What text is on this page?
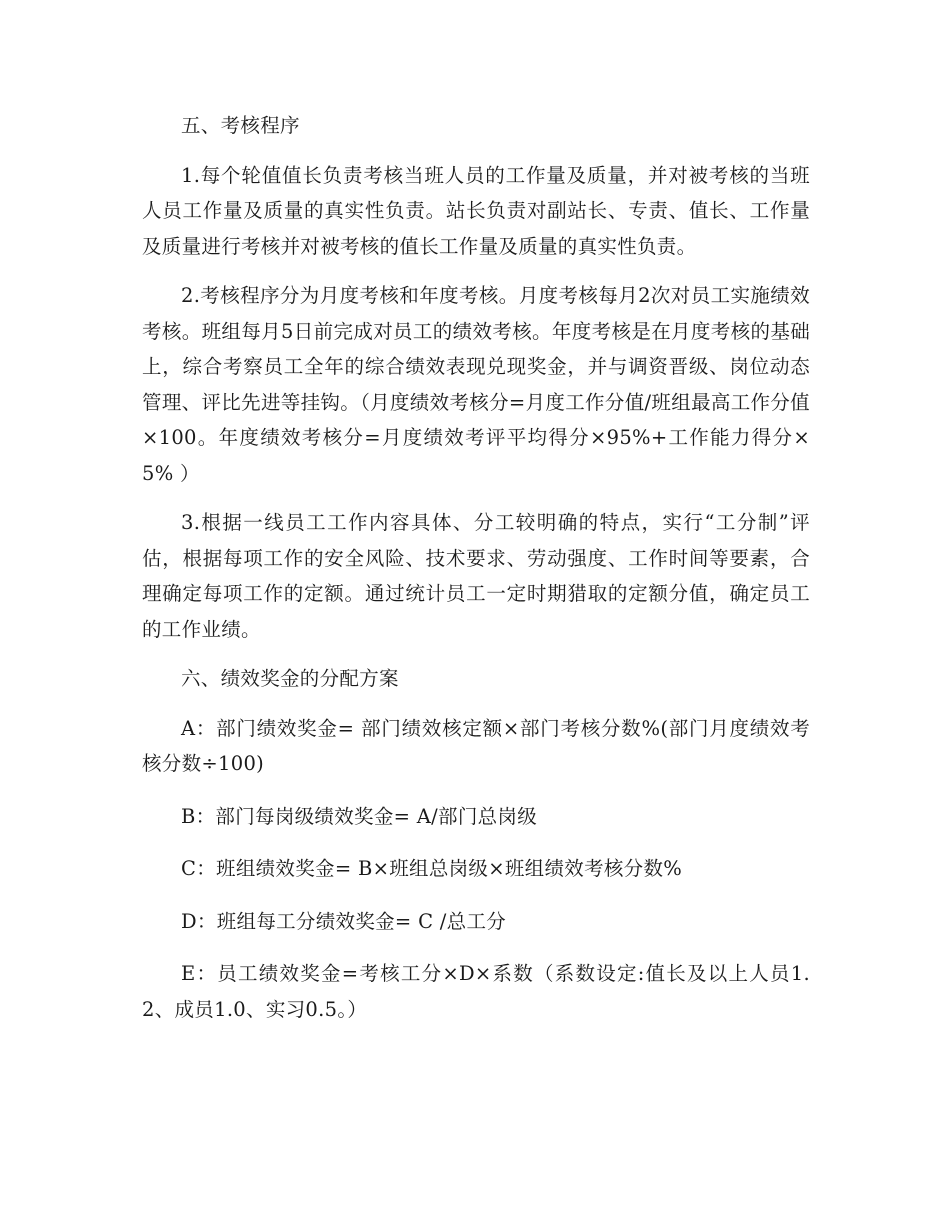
五、考核程序

1.每个轮值值长负责考核当班人员的工作量及质量，并对被考核的当班人员工作量及质量的真实性负责。站长负责对副站长、专责、值长、工作量及质量进行考核并对被考核的值长工作量及质量的真实性负责。

2.考核程序分为月度考核和年度考核。月度考核每月2次对员工实施绩效考核。班组每月5日前完成对员工的绩效考核。年度考核是在月度考核的基础上，综合考察员工全年的综合绩效表现兑现奖金，并与调资晋级、岗位动态管理、评比先进等挂钩。（月度绩效考核分=月度工作分值/班组最高工作分值×100。年度绩效考核分=月度绩效考评平均得分×95%+工作能力得分×5% ）

3.根据一线员工工作内容具体、分工较明确的特点，实行“工分制”评估，根据每项工作的安全风险、技术要求、劳动强度、工作时间等要素，合理确定每项工作的定额。通过统计员工一定时期猎取的定额分值，确定员工的工作业绩。

六、绩效奖金的分配方案

A：部门绩效奖金= 部门绩效核定额×部门考核分数%(部门月度绩效考核分数÷100)

B：部门每岗级绩效奖金= A/部门总岗级

C：班组绩效奖金= B×班组总岗级×班组绩效考核分数%

D：班组每工分绩效奖金= C /总工分

E：员工绩效奖金=考核工分×D×系数（系数设定:值长及以上人员1.2、成员1.0、实习0.5。）
